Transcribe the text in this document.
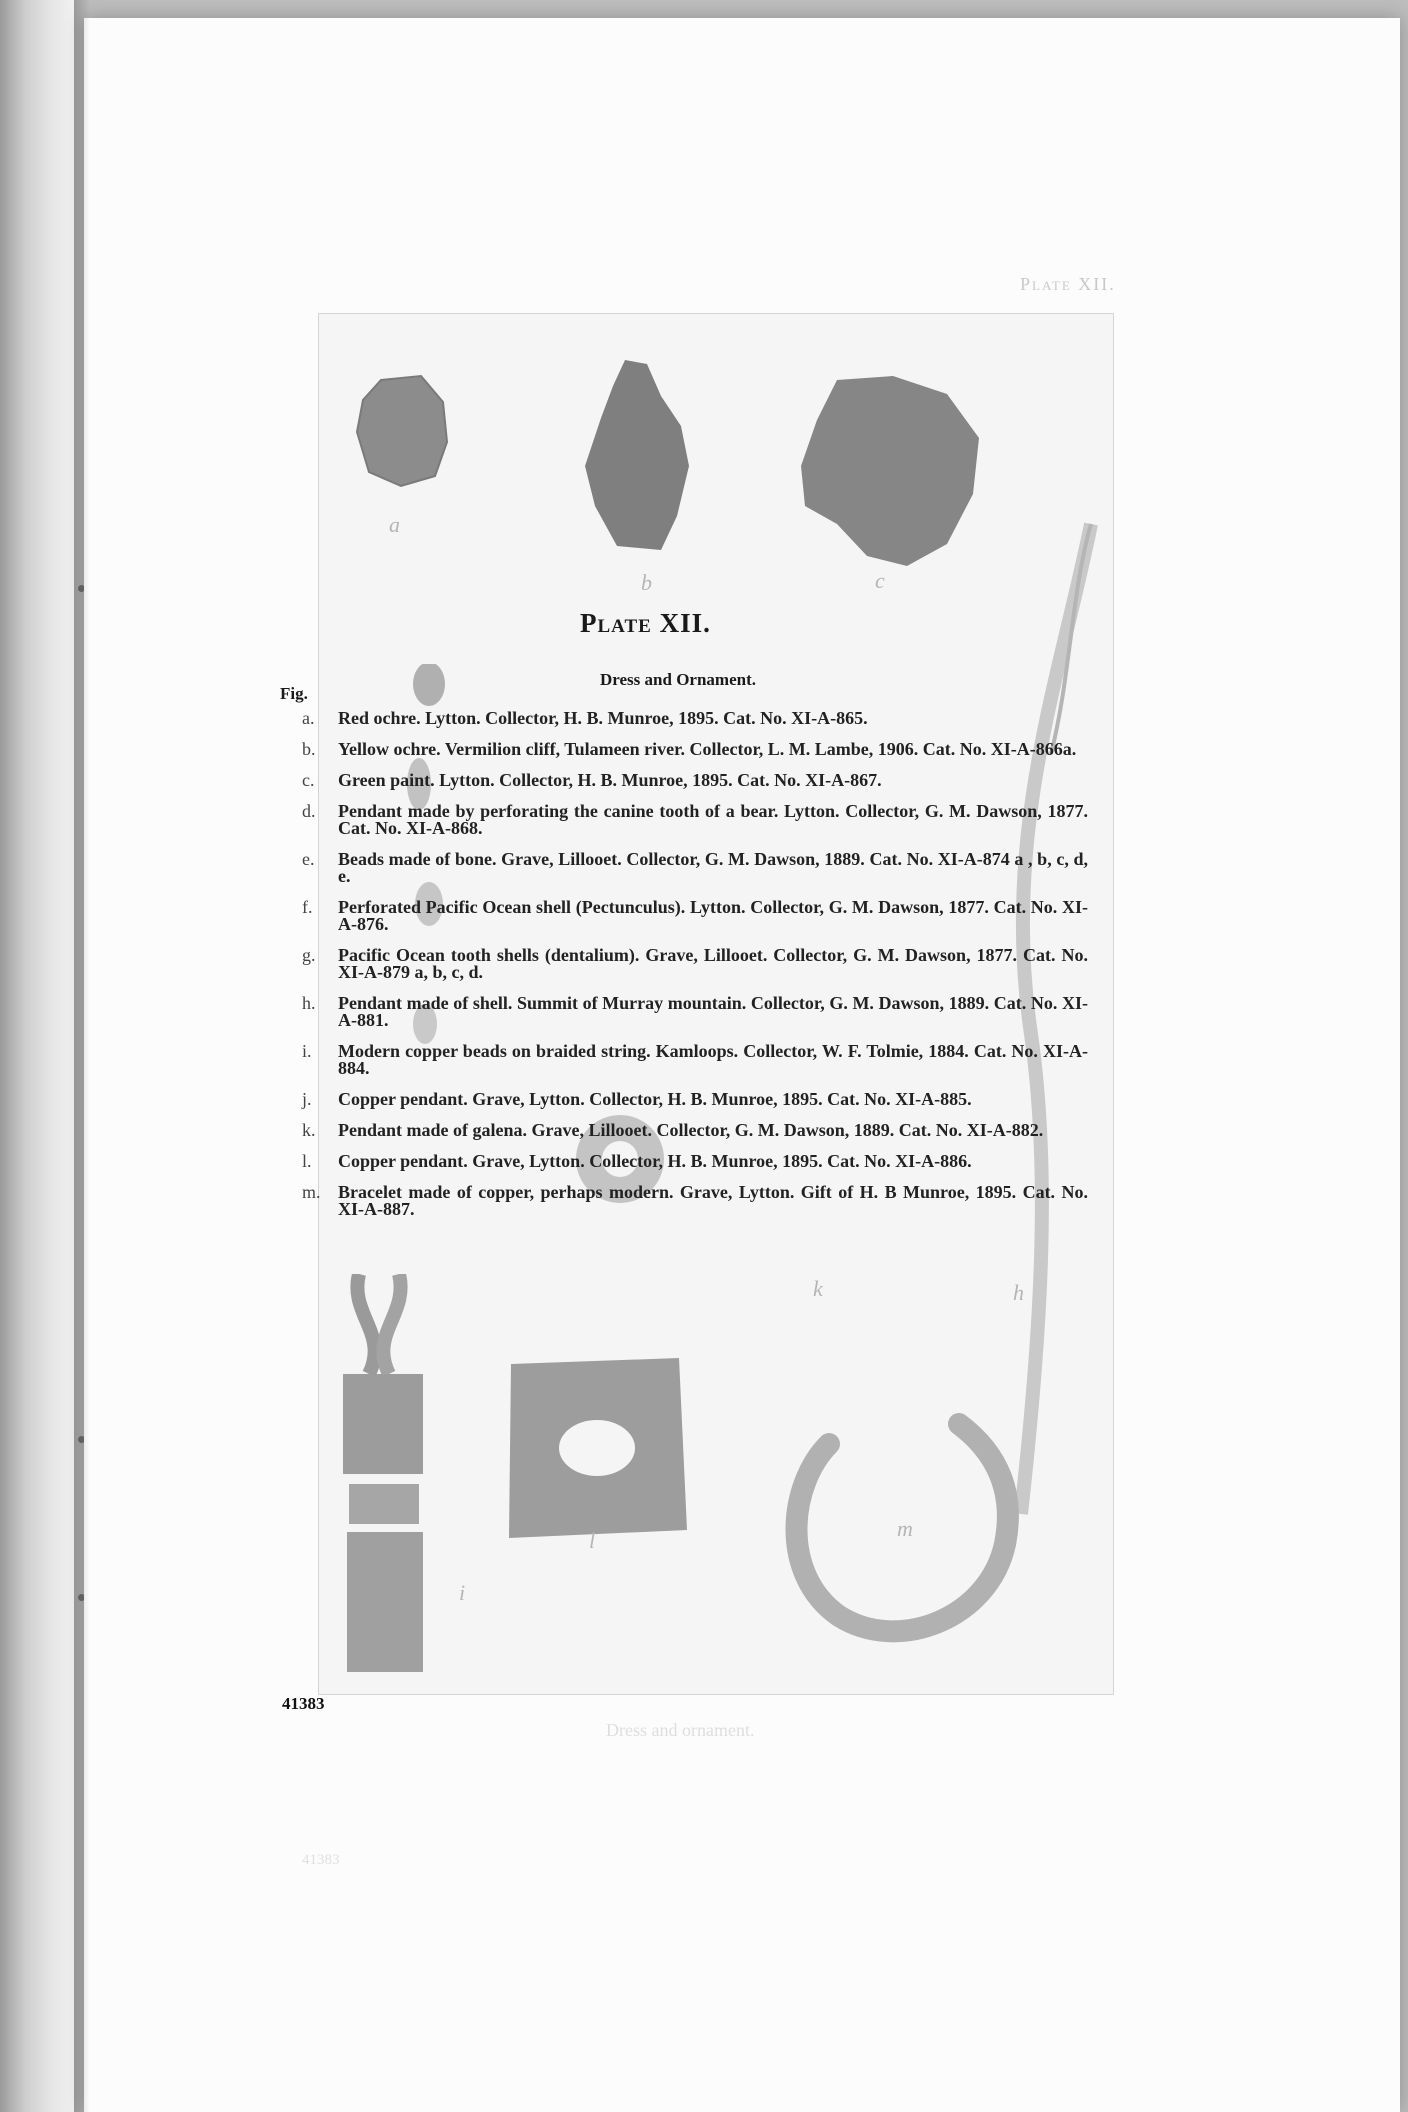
Plate XII.
a
b	c
k	h
l	m
i
Plate XII.
Dress and Ornament.
Fig.
a. Red ochre. Lytton. Collector, H. B. Munroe, 1895. Cat. No. XI-A-865.
b. Yellow ochre. Vermilion cliff, Tulameen river. Collector, L. M. Lambe, 1906. Cat. No. XI-A-866a.
c. Green paint. Lytton. Collector, H. B. Munroe, 1895. Cat. No. XI-A-867.
d. Pendant made by perforating the canine tooth of a bear. Lytton. Collector, G. M. Dawson, 1877. Cat. No. XI-A-868.
e. Beads made of bone. Grave, Lillooet. Collector, G. M. Dawson, 1889. Cat. No. XI-A-874 a , b, c, d, e.
f. Perforated Pacific Ocean shell (Pectunculus). Lytton. Collector, G. M. Dawson, 1877. Cat. No. XI-A-876.
g. Pacific Ocean tooth shells (dentalium). Grave, Lillooet. Collector, G. M. Dawson, 1877. Cat. No. XI-A-879 a, b, c, d.
h. Pendant made of shell. Summit of Murray mountain. Collector, G. M. Dawson, 1889. Cat. No. XI-A-881.
i. Modern copper beads on braided string. Kamloops. Collector, W. F. Tolmie, 1884. Cat. No. XI-A-884.
j. Copper pendant. Grave, Lytton. Collector, H. B. Munroe, 1895. Cat. No. XI-A-885.
k. Pendant made of galena. Grave, Lillooet. Collector, G. M. Dawson, 1889. Cat. No. XI-A-882.
l. Copper pendant. Grave, Lytton. Collector, H. B. Munroe, 1895. Cat. No. XI-A-886.
m. Bracelet made of copper, perhaps modern. Grave, Lytton. Gift of H. B Munroe, 1895. Cat. No. XI-A-887.
41383
Dress and ornament.
41383
